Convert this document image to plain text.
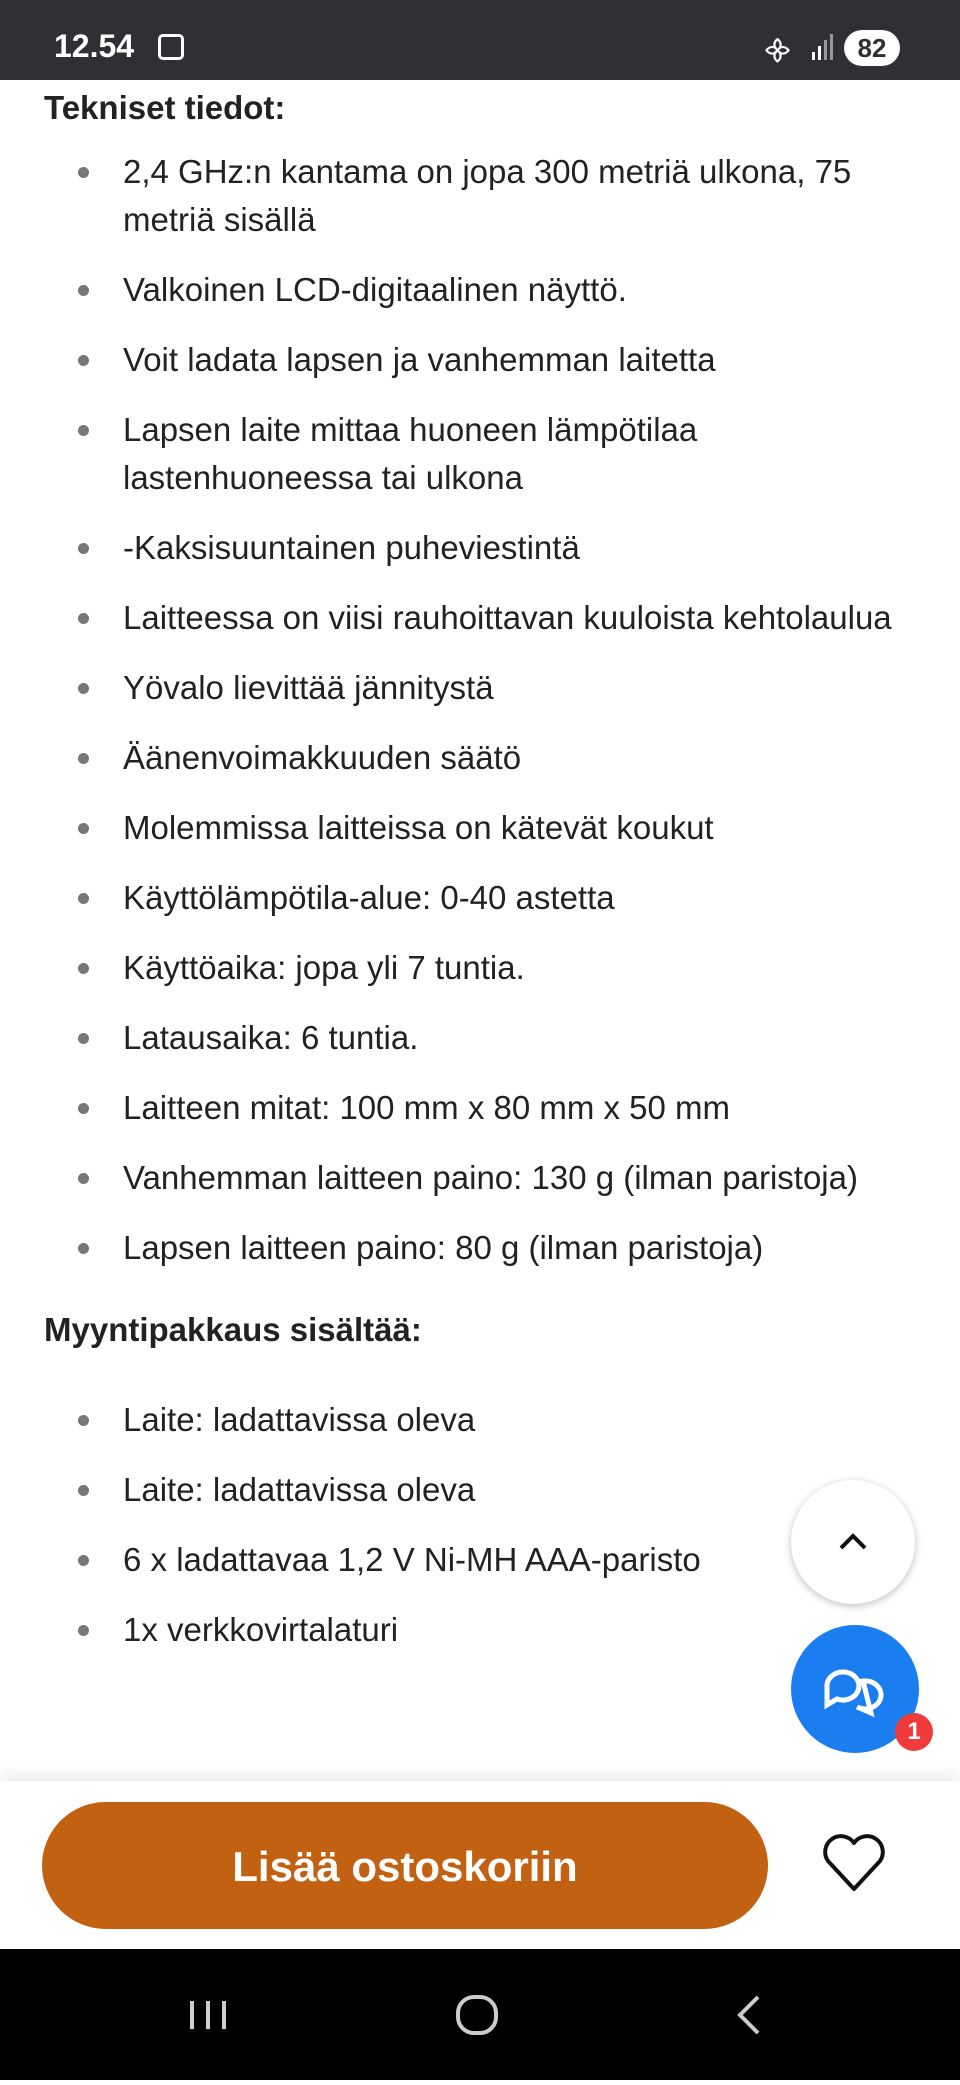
12.54	᯽	82
Tekniset tiedot:
2,4 GHz:n kantama on jopa 300 metriä ulkona, 75 metriä sisällä
Valkoinen LCD-digitaalinen näyttö.
Voit ladata lapsen ja vanhemman laitetta
Lapsen laite mittaa huoneen lämpötilaa lastenhuoneessa tai ulkona
-Kaksisuuntainen puheviestintä
Laitteessa on viisi rauhoittavan kuuloista kehtolaulua
Yövalo lievittää jännitystä
Äänenvoimakkuuden säätö
Molemmissa laitteissa on kätevät koukut
Käyttölämpötila-alue: 0-40 astetta
Käyttöaika: jopa yli 7 tuntia.
Latausaika: 6 tuntia.
Laitteen mitat: 100 mm x 80 mm x 50 mm
Vanhemman laitteen paino: 130 g (ilman paristoja)
Lapsen laitteen paino: 80 g (ilman paristoja)
Myyntipakkaus sisältää:
Laite: ladattavissa oleva
Laite: ladattavissa oleva
6 x ladattavaa 1,2 V Ni-MH AAA-paristo
1x verkkovirtalaturi
1
Lisää ostoskoriin
